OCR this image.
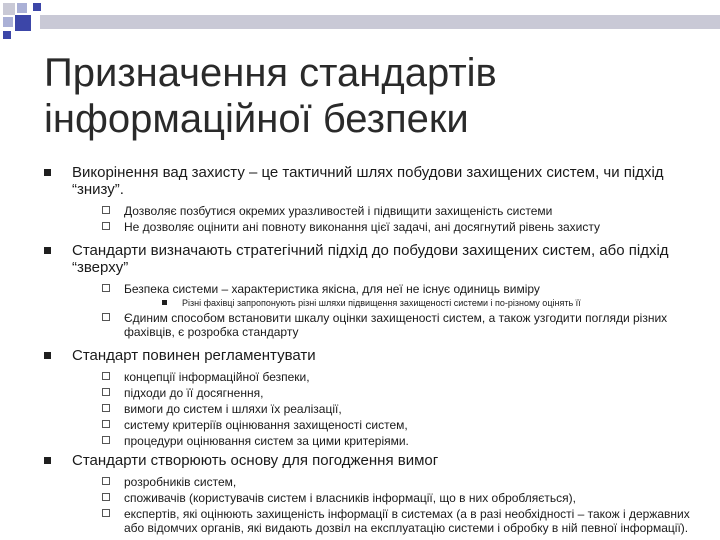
Призначення стандартів інформаційної безпеки
Викорінення вад захисту – це тактичний шлях побудови захищених систем, чи підхід “знизу”.
Дозволяє позбутися окремих уразливостей і підвищити захищеність системи
Не дозволяє оцінити ані повноту виконання цієї задачі, ані досягнутий рівень захисту
Стандарти визначають стратегічний підхід до побудови захищених систем, або підхід “зверху”
Безпека системи – характеристика якісна, для неї не існує одиниць виміру
Різні фахівці запропонують різні шляхи підвищення захищеності системи і по-різному оцінять її
Єдиним способом встановити шкалу оцінки захищеності систем, а також узгодити погляди різних фахівців, є розробка стандарту
Стандарт повинен регламентувати
концепції інформаційної безпеки,
підходи до її досягнення,
вимоги до систем і шляхи їх реалізації,
систему критеріїв оцінювання захищеності систем,
процедури оцінювання систем за цими критеріями.
Стандарти створюють основу для погодження вимог
розробників систем,
споживачів (користувачів систем і власників інформації, що в них обробляється),
експертів, які оцінюють захищеність інформації в системах (а в разі необхідності – також і державних або відомчих органів, які видають дозвіл на експлуатацію системи і обробку в ній певної інформації).
